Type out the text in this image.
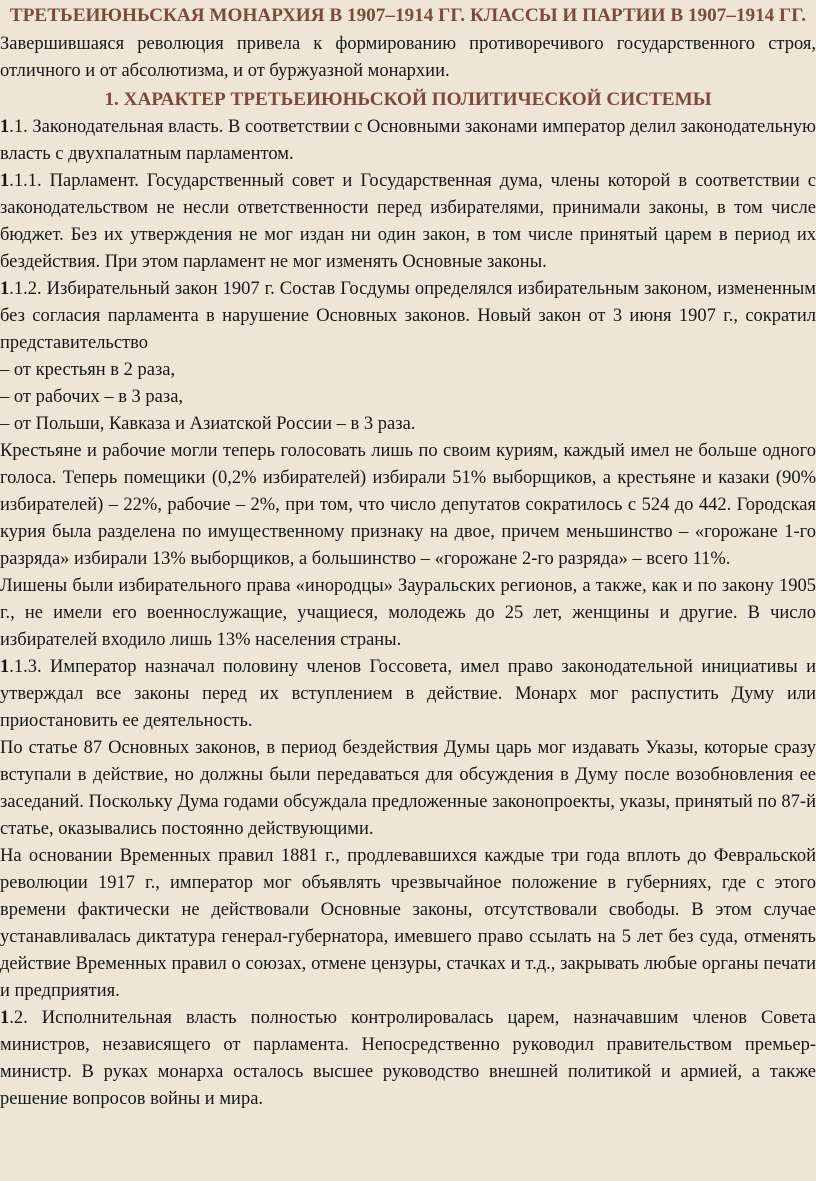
ТРЕТЬЕИЮНЬСКАЯ МОНАРХИЯ В 1907–1914 ГГ. КЛАССЫ И ПАРТИИ В 1907–1914 ГГ.

Завершившаяся революция привела к формированию противоречивого государственного строя, отличного и от абсолютизма, и от буржуазной монархии.

1. ХАРАКТЕР ТРЕТЬЕИЮНЬСКОЙ ПОЛИТИЧЕСКОЙ СИСТЕМЫ

1.1. Законодательная власть. В соответствии с Основными законами император делил законодательную власть с двухпалатным парламентом.

1.1.1. Парламент. Государственный совет и Государственная дума, члены которой в соответствии с законодательством не несли ответственности перед избирателями, принимали законы, в том числе бюджет. Без их утверждения не мог издан ни один закон, в том числе принятый царем в период их бездействия. При этом парламент не мог изменять Основные законы.

1.1.2. Избирательный закон 1907 г. Состав Госдумы определялся избирательным законом, измененным без согласия парламента в нарушение Основных законов. Новый закон от 3 июня 1907 г., сократил представительство

– от крестьян в 2 раза,

– от рабочих – в 3 раза,

– от Польши, Кавказа и Азиатской России – в 3 раза.

Крестьяне и рабочие могли теперь голосовать лишь по своим куриям, каждый имел не больше одного голоса. Теперь помещики (0,2% избирателей) избирали 51% выборщиков, а крестьяне и казаки (90% избирателей) – 22%, рабочие – 2%, при том, что число депутатов сократилось с 524 до 442. Городская курия была разделена по имущественному признаку на двое, причем меньшинство – «горожане 1-го разряда» избирали 13% выборщиков, а большинство – «горожане 2-го разряда» – всего 11%.

Лишены были избирательного права «инородцы» Зауральских регионов, а также, как и по закону 1905 г., не имели его военнослужащие, учащиеся, молодежь до 25 лет, женщины и другие. В число избирателей входило лишь 13% населения страны.

1.1.3. Император назначал половину членов Госсовета, имел право законодательной инициативы и утверждал все законы перед их вступлением в действие. Монарх мог распустить Думу или приостановить ее деятельность.

По статье 87 Основных законов, в период бездействия Думы царь мог издавать Указы, которые сразу вступали в действие, но должны были передаваться для обсуждения в Думу после возобновления ее заседаний. Поскольку Дума годами обсуждала предложенные законопроекты, указы, принятый по 87-й статье, оказывались постоянно действующими.

На основании Временных правил 1881 г., продлевавшихся каждые три года вплоть до Февральской революции 1917 г., император мог объявлять чрезвычайное положение в губерниях, где с этого времени фактически не действовали Основные законы, отсутствовали свободы. В этом случае устанавливалась диктатура генерал-губернатора, имевшего право ссылать на 5 лет без суда, отменять действие Временных правил о союзах, отмене цензуры, стачках и т.д., закрывать любые органы печати и предприятия.

1.2. Исполнительная власть полностью контролировалась царем, назначавшим членов Совета министров, независящего от парламента. Непосредственно руководил правительством премьер-министр. В руках монарха осталось высшее руководство внешней политикой и армией, а также решение вопросов войны и мира.
